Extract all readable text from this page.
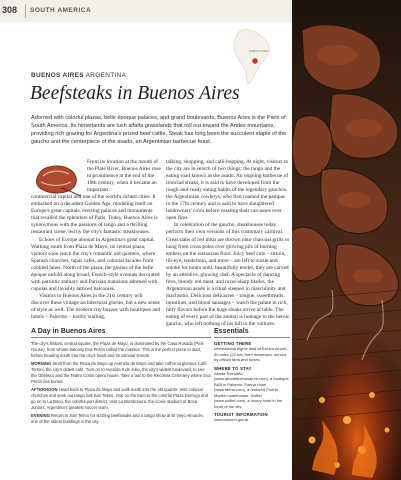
308 SOUTH AMERICA
BUENOS AIRES
BUENOS AIRES ARGENTINA
Beefsteaks in Buenos Aires
Adorned with colorful plazas, belle époque palaces, and grand boulevards, Buenos Aires is the Paris of South America. Its hinterlands are lush alfalfa grasslands that roll out toward the Andes mountains, providing rich grazing for Argentina's prized beef cattle. Steak has long been the succulent staple of the gaucho and the centerpiece of the asado, an Argentinian barbecue feast.

From its location at the mouth of the Plate River, Buenos Aires rose to prominence at the end of the 19th century, when it became an important

commercial capital and one of the world's richest cities. It embarked on a decadent Golden Age, modeling itself on Europe's great capitals, erecting palaces and monuments that recalled the splendors of Paris. Today, Buenos Aires is synonymous with the passions of tango and a thrilling restaurant scene, led by the city's fantastic steakhouses.

Echoes of Europe abound in Argentina's great capital. Walking south from Plaza de Mayo, its central plaza, visitors soon reach the city's romantic old quarters, where Spanish churches, tapas cafés, and colonial facades front cobbled lanes. North of the plaza, the glories of the belle époque unfold along broad, French-style avenues decorated with patriotic statuary and Parisian mansions adorned with cupolas and lavishly latticed balconies.

Visitors to Buenos Aires in the 21st century will discover these vintage architectural glories, but a new sense of style as well. The modern city buzzes with boutiques and hotels – Palermo – hardly waiting,

talking, shopping, and café-hopping. At night, visitors to the city are in search of two things: the tango and the eating road known as the asado. An ongoing barbecue of ironclad steaks, it is said to have developed from the rough-and-ready eating habits of the legendary gauchos, the Argentinian cowboys, who first roamed the pampas in the 17th century and is said to have slaughtered landowners' cows before roasting their carcasses over open fires.

In celebration of the gaucho, steakhouses today perform their own versions of this customary carnival. Great slabs of red meat are thrown onto charcoal grills or hung from cross poles over glowing pits of burning embers on the restaurant floor. Juicy beef cuts – sirloin, rib-eye, tenderloin, and more – are left to sizzle and smoke for hours until, beautifully tender, they are carved by an attentive, glowing chef. A spectacle of dancing fires, bloody red meat, and razor-sharp blades, the Argentinian asado is a ritual steeped in masculinity and machismo. Delicious delicacies – tongue, sweetbreads, intestines, and blood sausages – watch the palate in rich, fatty flavors before the huge steaks arrive at table. The eating of every part of the animal is homage to the heroic gaucho, who left nothing of his kill to the vultures.

A Day in Buenos Aires

The city's historic central square, the Plaza de Mayo, is dominated by the Casa Rosada (Pink House), from whose balcony Eva Perón rallied the masses. This is the perfect place to start, before heading south into the city's heart and its colonial streets.

MORNING Stroll from the Plaza de Mayo up Avenida de Mayo and take coffee at glorious Café Tortoni, the city's oldest café. Turn on to Avenida 9 de Julio, the city's widest boulevard, to see the Obelisco and the Teatro Colón opera house. Take a taxi to the Recoleta Cemetery where Eva Perón lies buried.

AFTERNOON Head back to Plaza de Mayo and walk south into the old quarter. Visit colonial churches and seek out tango hall San Telmo. Hop on the tram to the colorful Plaza Dorrego and go on to La Boca, the colorful port district. Visit La Bombonera, the iconic stadium of Boca Juniors, Argentina's greatest soccer team.

EVENING Return to San Telmo for sizzling beefsteaks and a tango show at El Viejo Almacén, one of the oldest buildings in the city.

Essentials
GETTING THERE
International flights land at Ezeiza Airport, 35 miles (22 km) from downtown, served by official taxis and buses.
WHERE TO STAY
Abode Recoleta (www.abodebuenosaires.com), a boutique B&B in Palermo. Faena Hotel (www.faena.com), a restored Puerto Madero warehouse. Sofitel (www.sofitel.com), a luxury hotel in the heart of the city.
TOURIST INFORMATION
www.turismo.gov.ar
